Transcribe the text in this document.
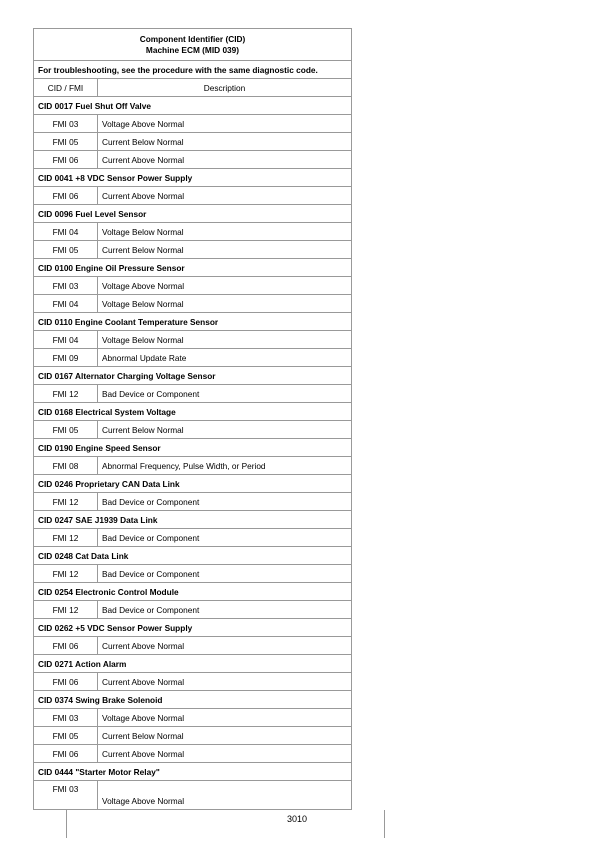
Component Identifier (CID)
Machine ECM (MID 039)	

For troubleshooting, see the procedure with the same diagnostic code.	
CID / FMI	Description
CID 0017 Fuel Shut Off Valve	
FMI 03	Voltage Above Normal
FMI 05	Current Below Normal
FMI 06	Current Above Normal
CID 0041 +8 VDC Sensor Power Supply	
FMI 06	Current Above Normal
CID 0096 Fuel Level Sensor	
FMI 04	Voltage Below Normal
FMI 05	Current Below Normal
CID 0100 Engine Oil Pressure Sensor	
FMI 03	Voltage Above Normal
FMI 04	Voltage Below Normal
CID 0110 Engine Coolant Temperature Sensor	
FMI 04	Voltage Below Normal
FMI 09	Abnormal Update Rate
CID 0167 Alternator Charging Voltage Sensor	
FMI 12	Bad Device or Component
CID 0168 Electrical System Voltage	
FMI 05	Current Below Normal
CID 0190 Engine Speed Sensor	
FMI 08	Abnormal Frequency, Pulse Width, or Period
CID 0246 Proprietary CAN Data Link	
FMI 12	Bad Device or Component
CID 0247 SAE J1939 Data Link	
FMI 12	Bad Device or Component
CID 0248 Cat Data Link	
FMI 12	Bad Device or Component
CID 0254 Electronic Control Module	
FMI 12	Bad Device or Component
CID 0262 +5 VDC Sensor Power Supply	
FMI 06	Current Above Normal
CID 0271 Action Alarm	
FMI 06	Current Above Normal
CID 0374 Swing Brake Solenoid	
FMI 03	Voltage Above Normal
FMI 05	Current Below Normal
FMI 06	Current Above Normal
CID 0444 "Starter Motor Relay"	
FMI 03	Voltage Above Normal
3010
